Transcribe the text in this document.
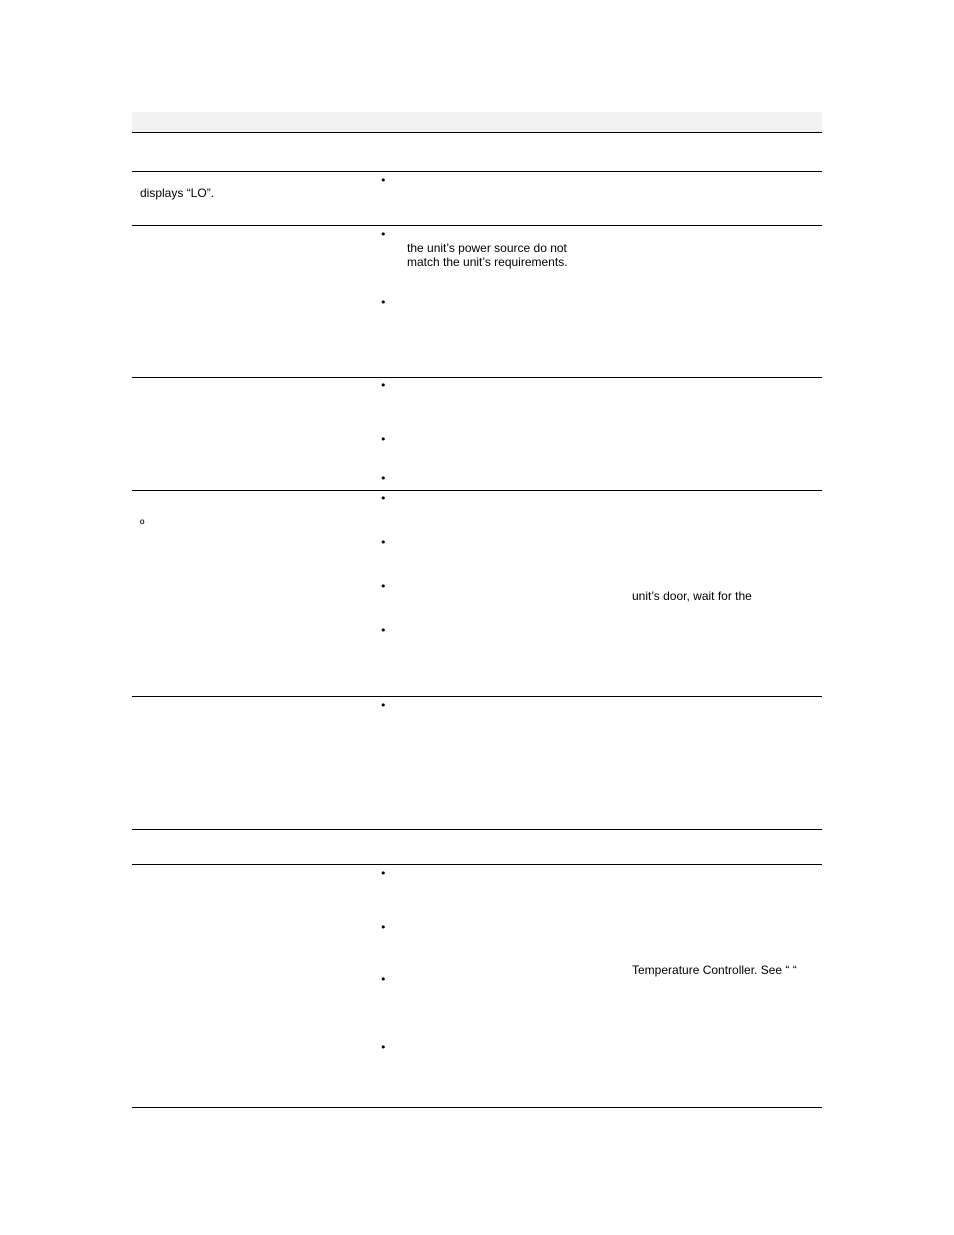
displays “LO”.
•
•
the unit’s power source do not
match the unit’s requirements.
•
•
•
•
º
•
•
•
unit’s door, wait for the
•
•
•
•
Temperature Controller. See “ “
•
•
